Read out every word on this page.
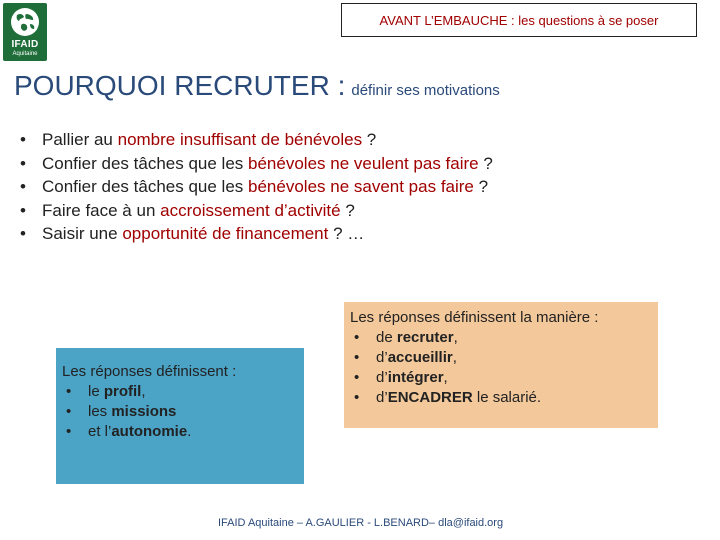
IFAID
Aquitaine
AVANT L’EMBAUCHE : les questions à se poser
POURQUOI RECRUTER : définir ses motivations
• Pallier au nombre insuffisant de bénévoles ?
• Confier des tâches que les bénévoles ne veulent pas faire ?
• Confier des tâches que les bénévoles ne savent pas faire ?
• Faire face à un accroissement d’activité ?
• Saisir une opportunité de financement ? …
Les réponses définissent :
• le profil,
• les missions
• et l’autonomie.
Les réponses définissent la manière :
• de recruter,
• d’accueillir,
• d’intégrer,
• d’ENCADRER le salarié.
IFAID Aquitaine – A.GAULIER - L.BENARD– dla@ifaid.org
